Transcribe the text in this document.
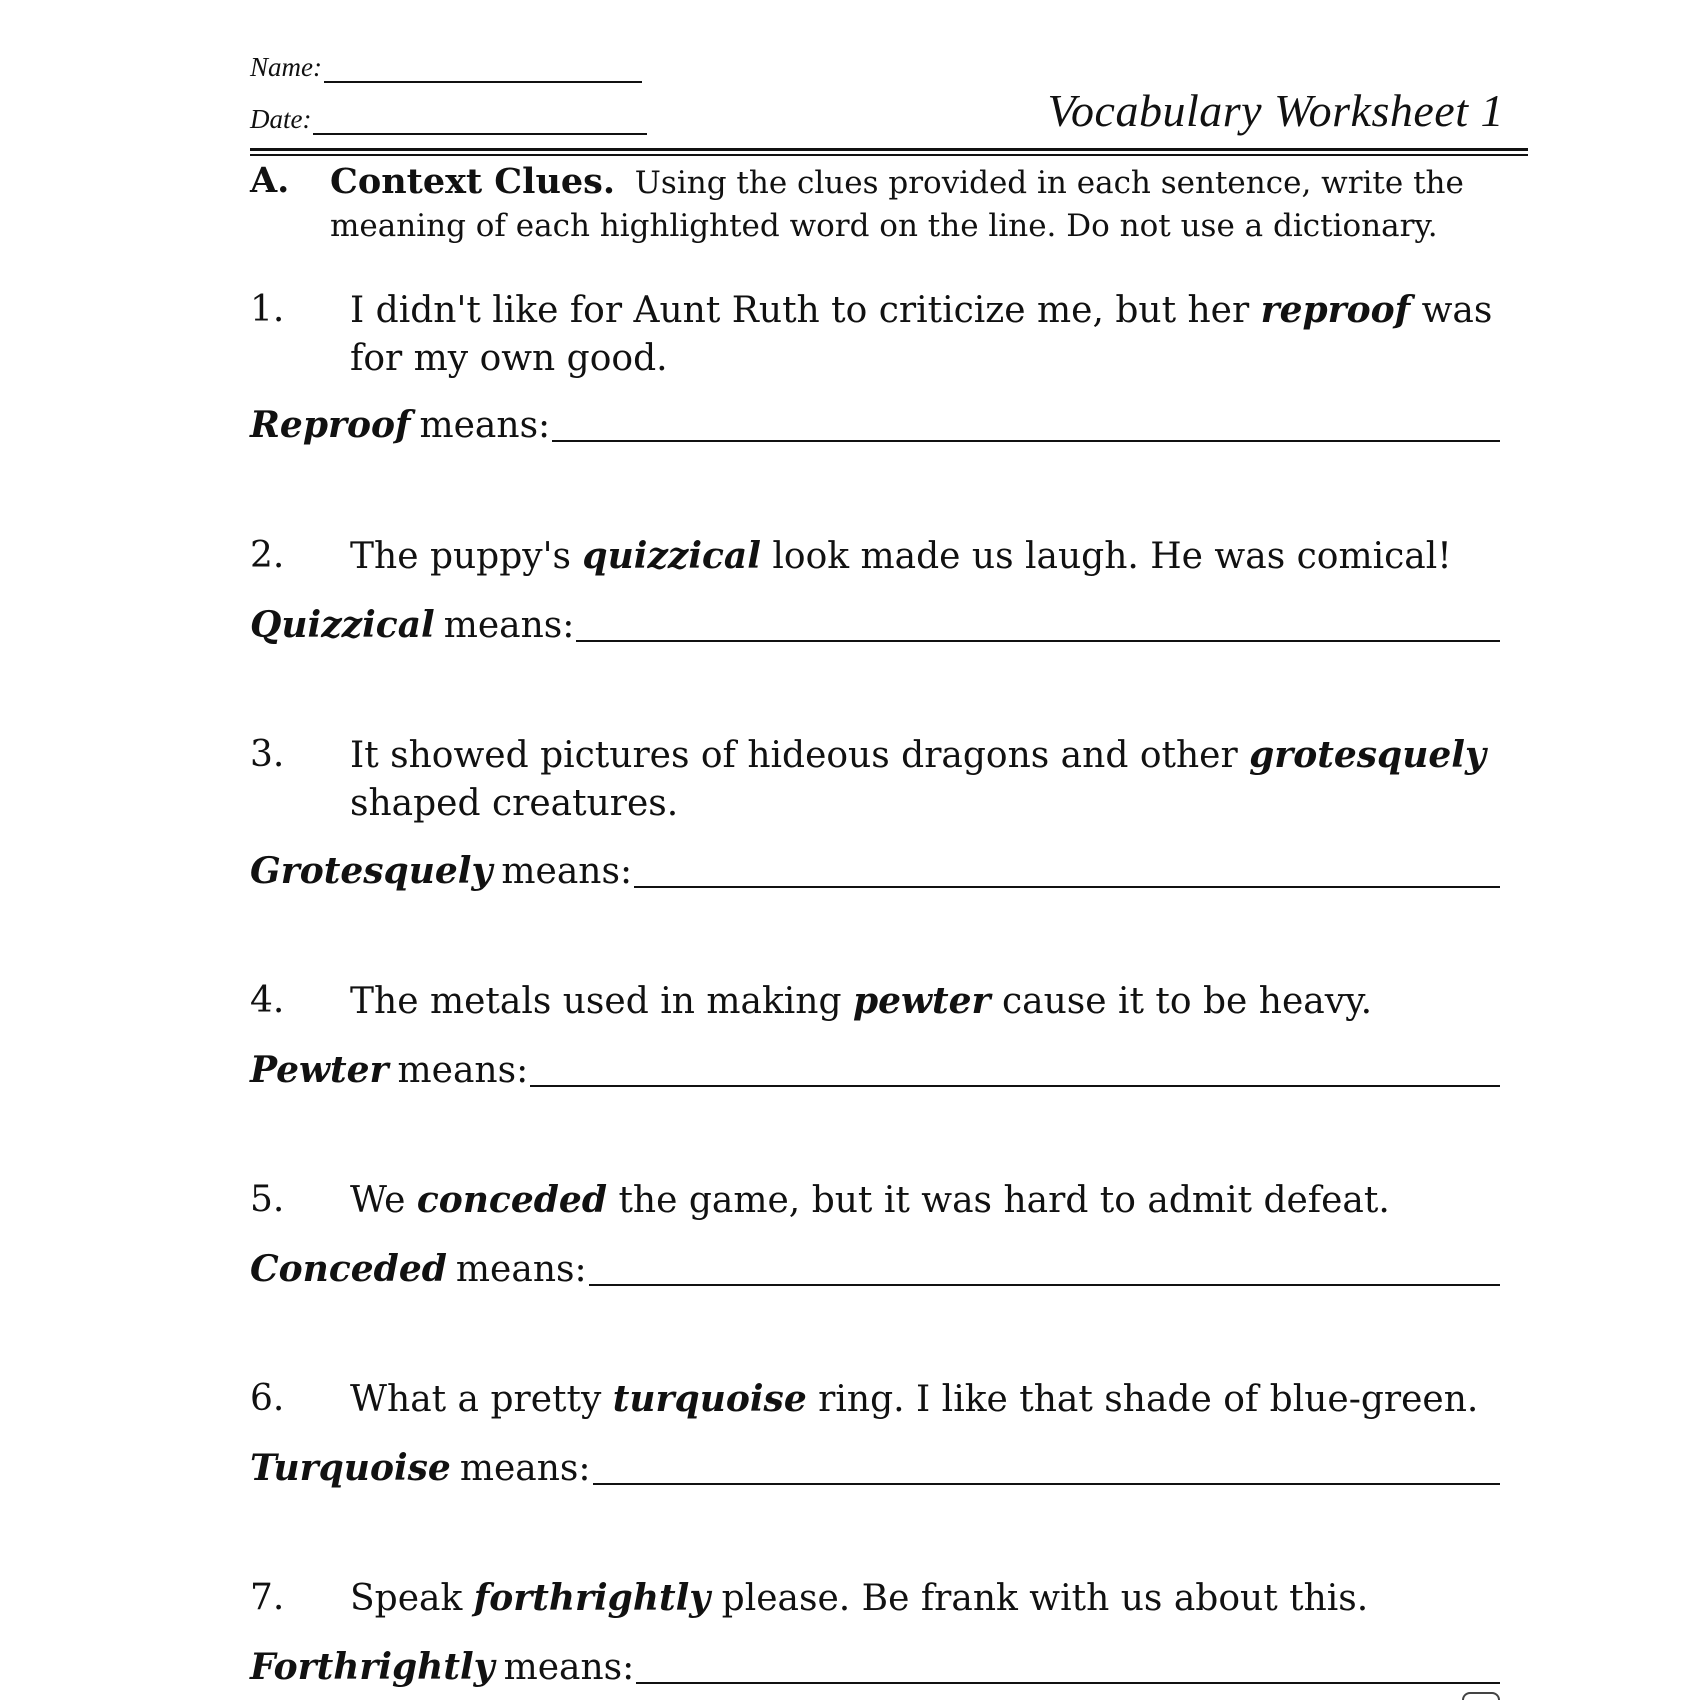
Name:
Date:	Vocabulary Worksheet 1
A. Context Clues. Using the clues provided in each sentence, write the meaning of each highlighted word on the line. Do not use a dictionary.
1. I didn't like for Aunt Ruth to criticize me, but her reproof was for my own good.
Reproof means:
2. The puppy's quizzical look made us laugh. He was comical!
Quizzical means:
3. It showed pictures of hideous dragons and other grotesquely shaped creatures.
Grotesquely means:
4. The metals used in making pewter cause it to be heavy.
Pewter means:
5. We conceded the game, but it was hard to admit defeat.
Conceded means:
6. What a pretty turquoise ring. I like that shade of blue-green.
Turquoise means:
7. Speak forthrightly please. Be frank with us about this.
Forthrightly means:
